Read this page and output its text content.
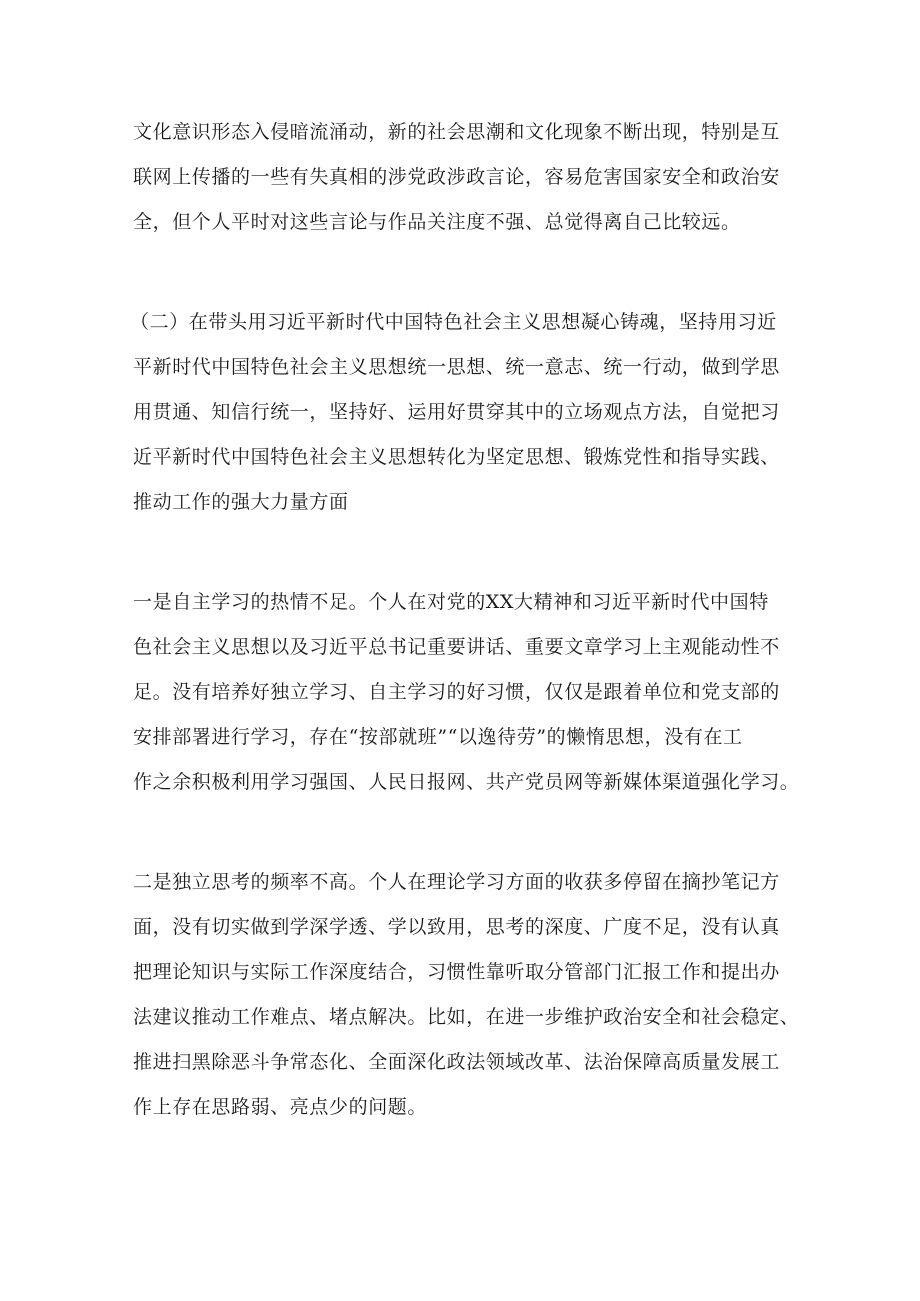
文化意识形态入侵暗流涌动，新的社会思潮和文化现象不断出现，特别是互
联网上传播的一些有失真相的涉党政涉政言论，容易危害国家安全和政治安
全，但个人平时对这些言论与作品关注度不强、总觉得离自己比较远。
（二）在带头用习近平新时代中国特色社会主义思想凝心铸魂，坚持用习近
平新时代中国特色社会主义思想统一思想、统一意志、统一行动，做到学思
用贯通、知信行统一，坚持好、运用好贯穿其中的立场观点方法，自觉把习
近平新时代中国特色社会主义思想转化为坚定思想、锻炼党性和指导实践、
推动工作的强大力量方面
一是自主学习的热情不足。个人在对党的XX大精神和习近平新时代中国特
色社会主义思想以及习近平总书记重要讲话、重要文章学习上主观能动性不
足。没有培养好独立学习、自主学习的好习惯，仅仅是跟着单位和党支部的
安排部署进行学习，存在“按部就班”“以逸待劳”的懒惰思想，没有在工
作之余积极利用学习强国、人民日报网、共产党员网等新媒体渠道强化学习。
二是独立思考的频率不高。个人在理论学习方面的收获多停留在摘抄笔记方
面，没有切实做到学深学透、学以致用，思考的深度、广度不足，没有认真
把理论知识与实际工作深度结合，习惯性靠听取分管部门汇报工作和提出办
法建议推动工作难点、堵点解决。比如，在进一步维护政治安全和社会稳定、
推进扫黑除恶斗争常态化、全面深化政法领域改革、法治保障高质量发展工
作上存在思路弱、亮点少的问题。
